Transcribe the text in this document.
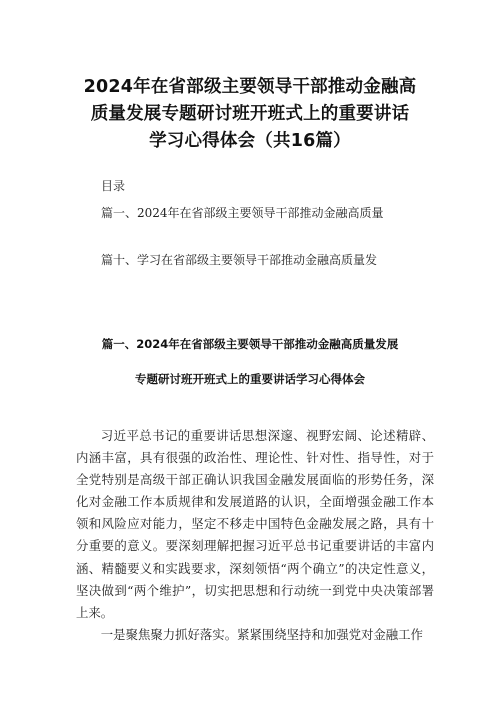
2024年在省部级主要领导干部推动金融高
质量发展专题研讨班开班式上的重要讲话
学习心得体会（共16篇）
目录
篇一、2024年在省部级主要领导干部推动金融高质量
篇十、学习在省部级主要领导干部推动金融高质量发
篇一、2024年在省部级主要领导干部推动金融高质量发展
专题研讨班开班式上的重要讲话学习心得体会

习近平总书记的重要讲话思想深邃、视野宏阔、论述精辟、内涵丰富，具有很强的政治性、理论性、针对性、指导性，对于全党特别是高级干部正确认识我国金融发展面临的形势任务，深化对金融工作本质规律和发展道路的认识，全面增强金融工作本领和风险应对能力，坚定不移走中国特色金融发展之路，具有十分重要的意义。要深刻理解把握习近平总书记重要讲话的丰富内涵、精髓要义和实践要求，深刻领悟“两个确立”的决定性意义，坚决做到“两个维护”，切实把思想和行动统一到党中央决策部署上来。

一是聚焦聚力抓好落实。紧紧围绕坚持和加强党对金融工作
